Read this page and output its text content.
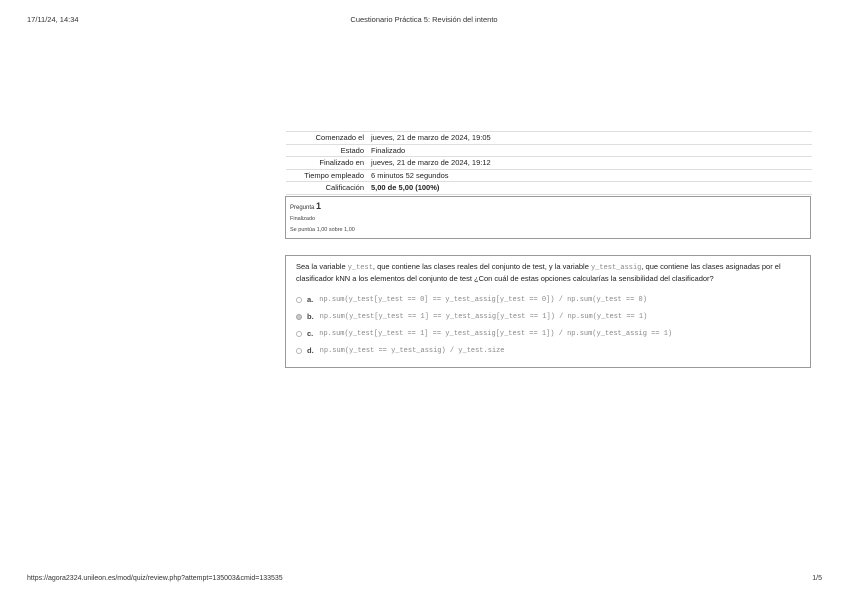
17/11/24, 14:34	Cuestionario Práctica 5: Revisión del intento
Comenzado el	jueves, 21 de marzo de 2024, 19:05
Estado	Finalizado
Finalizado en	jueves, 21 de marzo de 2024, 19:12
Tiempo empleado	6 minutos 52 segundos
Calificación	5,00 de 5,00 (100%)
Pregunta 1
Finalizado
Se puntúa 1,00 sobre 1,00
Sea la variable y_test, que contiene las clases reales del conjunto de test, y la variable y_test_assig, que contiene las clases asignadas por el clasificador kNN a los elementos del conjunto de test ¿Con cuál de estas opciones calcularías la sensibilidad del clasificador?
a. np.sum(y_test[y_test == 0] == y_test_assig[y_test == 0]) / np.sum(y_test == 0)
b. np.sum(y_test[y_test == 1] == y_test_assig[y_test == 1]) / np.sum(y_test == 1)
c. np.sum(y_test[y_test == 1] == y_test_assig[y_test == 1]) / np.sum(y_test_assig == 1)
d. np.sum(y_test == y_test_assig) / y_test.size
https://agora2324.unileon.es/mod/quiz/review.php?attempt=135003&cmid=133535	1/5
